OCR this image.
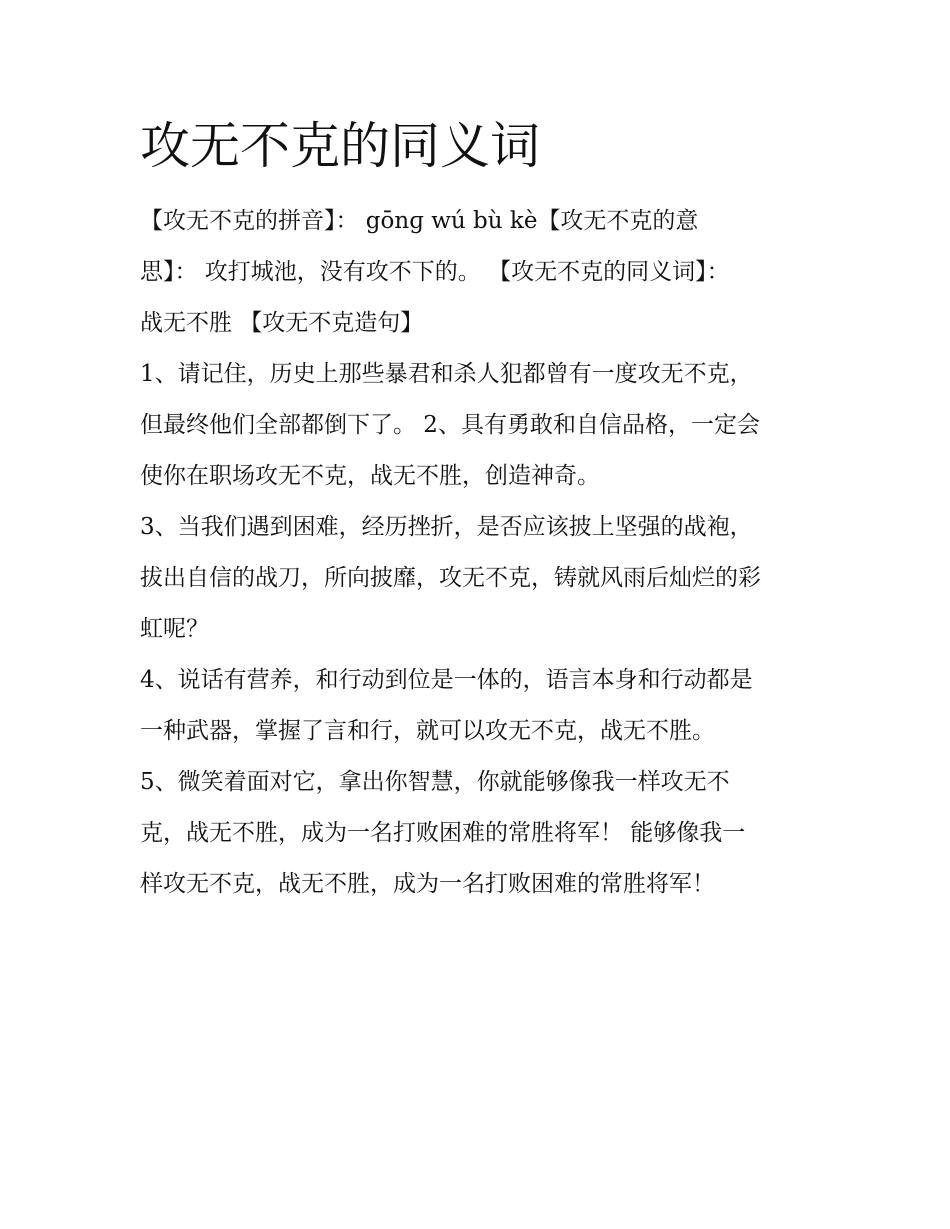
攻无不克的同义词

【攻无不克的拼音】： gōnɡ wú bù kè【攻无不克的意
思】： 攻打城池，没有攻不下的。 【攻无不克的同义词】：
战无不胜 【攻无不克造句】

1、请记住，历史上那些暴君和杀人犯都曾有一度攻无不克，
但最终他们全部都倒下了。 2、具有勇敢和自信品格，一定会
使你在职场攻无不克，战无不胜，创造神奇。

3、当我们遇到困难，经历挫折，是否应该披上坚强的战袍，
拔出自信的战刀，所向披靡，攻无不克，铸就风雨后灿烂的彩
虹呢？

4、说话有营养，和行动到位是一体的，语言本身和行动都是
一种武器，掌握了言和行，就可以攻无不克，战无不胜。

5、微笑着面对它，拿出你智慧，你就能够像我一样攻无不
克，战无不胜，成为一名打败困难的常胜将军！ 能够像我一
样攻无不克，战无不胜，成为一名打败困难的常胜将军！
